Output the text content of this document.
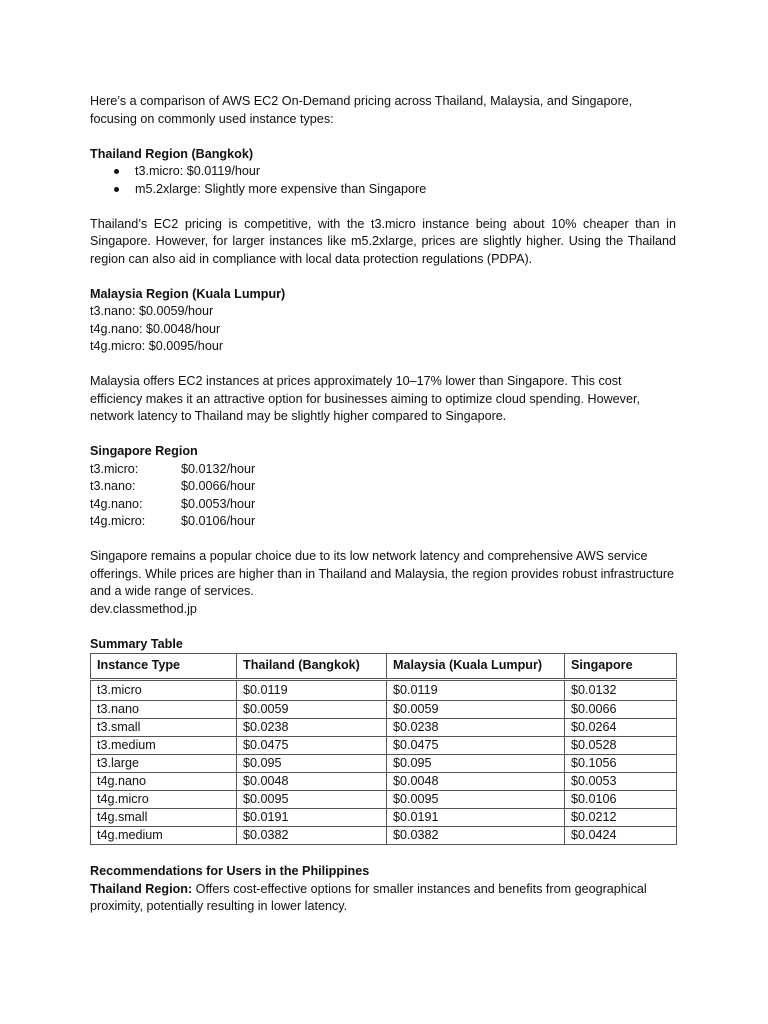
Here’s a comparison of AWS EC2 On-Demand pricing across Thailand, Malaysia, and Singapore, focusing on commonly used instance types:

Thailand Region (Bangkok)

t3.micro: $0.0119/hour
m5.2xlarge: Slightly more expensive than Singapore

Thailand’s EC2 pricing is competitive, with the t3.micro instance being about 10% cheaper than in Singapore. However, for larger instances like m5.2xlarge, prices are slightly higher. Using the Thailand region can also aid in compliance with local data protection regulations (PDPA).

Malaysia Region (Kuala Lumpur)

t3.nano: $0.0059/hour

t4g.nano: $0.0048/hour

t4g.micro: $0.0095/hour

Malaysia offers EC2 instances at prices approximately 10–17% lower than Singapore. This cost efficiency makes it an attractive option for businesses aiming to optimize cloud spending. However, network latency to Thailand may be slightly higher compared to Singapore.

Singapore Region

t3.micro:	$0.0132/hour
t3.nano:	$0.0066/hour
t4g.nano:	$0.0053/hour
t4g.micro:	$0.0106/hour

Singapore remains a popular choice due to its low network latency and comprehensive AWS service offerings. While prices are higher than in Thailand and Malaysia, the region provides robust infrastructure and a wide range of services.

dev.classmethod.jp

Summary Table

Instance Type	Thailand (Bangkok)	Malaysia (Kuala Lumpur)	Singapore
t3.micro	$0.0119	$0.0119	$0.0132
t3.nano	$0.0059	$0.0059	$0.0066
t3.small	$0.0238	$0.0238	$0.0264
t3.medium	$0.0475	$0.0475	$0.0528
t3.large	$0.095	$0.095	$0.1056
t4g.nano	$0.0048	$0.0048	$0.0053
t4g.micro	$0.0095	$0.0095	$0.0106
t4g.small	$0.0191	$0.0191	$0.0212
t4g.medium	$0.0382	$0.0382	$0.0424

Recommendations for Users in the Philippines

Thailand Region: Offers cost-effective options for smaller instances and benefits from geographical proximity, potentially resulting in lower latency.
